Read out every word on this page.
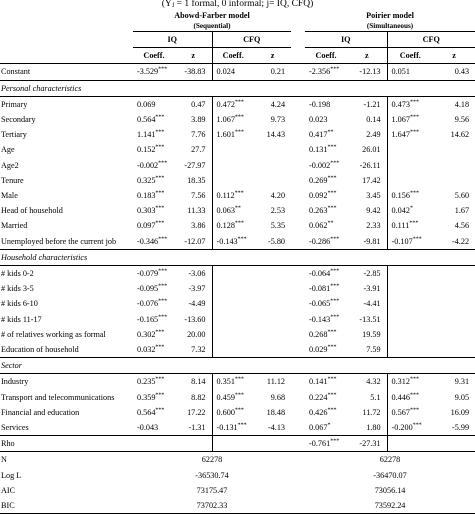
(Yⱼ = 1 formal, 0 informal; j= IQ, CFQ)
	Abowd-Farber model					Poirier model			
	(Sequential)					(Simultaneous)			
	IQ		CFQ			IQ		CFQ	
	Coeff.	z	Coeff.	z		Coeff.	z	Coeff.	z
Constant	-3.529***	-38.83	0.024	0.21		-2.356***	-12.13	0.051	0.43
Personal characteristics									
Primary	0.069	0.47	0.472***	4.24		-0.198	-1.21	0.473***	4.18
Secondary	0.564***	3.89	1.067***	9.73		0.023	0.14	1.067***	9.56
Tertiary	1.141***	7.76	1.601***	14.43		0.417**	2.49	1.647***	14.62
Age	0.152***	27.7				0.131***	26.01		
Age2	-0.002***	-27.97				-0.002***	-26.11		
Tenure	0.325***	18.35				0.269***	17.42		
Male	0.183***	7.56	0.112***	4.20		0.092***	3.45	0.156***	5.60
Head of household	0.303***	11.33	0.063**	2.53		0.263***	9.42	0.042*	1.67
Married	0.097***	3.86	0.128***	5.35		0.062**	2.33	0.111***	4.56
Unemployed before the current job	-0.346***	-12.07	-0.143***	-5.80		-0.286***	-9.81	-0.107***	-4.22
Household characteristics									
# kids 0-2	-0.079***	-3.06				-0.064***	-2.85		
# kids 3-5	-0.095***	-3.97				-0.081***	-3.91		
# kids 6-10	-0.076***	-4.49				-0.065***	-4.41		
# kids 11-17	-0.165***	-13.60				-0.143***	-13.51		
# of relatives working as formal	0.302***	20.00				0.268***	19.59		
Education of household	0.032***	7.32				0.029***	7.59		
Sector									
Industry	0.235***	8.14	0.351***	11.12		0.141***	4.32	0.312***	9.31
Transport and telecommunications	0.359***	8.82	0.459***	9.68		0.224***	5.1	0.446***	9.05
Financial and education	0.564***	17.22	0.600***	18.48		0.426***	11.72	0.567***	16.09
Services	-0.043	-1.31	-0.131***	-4.13		0.067*	1.80	-0.200***	-5.99
Rho						-0.761***	-27.31		
N	62278					62278			
Log L	-36530.74					-36470.07			
AIC	73175.47					73056.14			
BIC	73702.33					73592.24			
